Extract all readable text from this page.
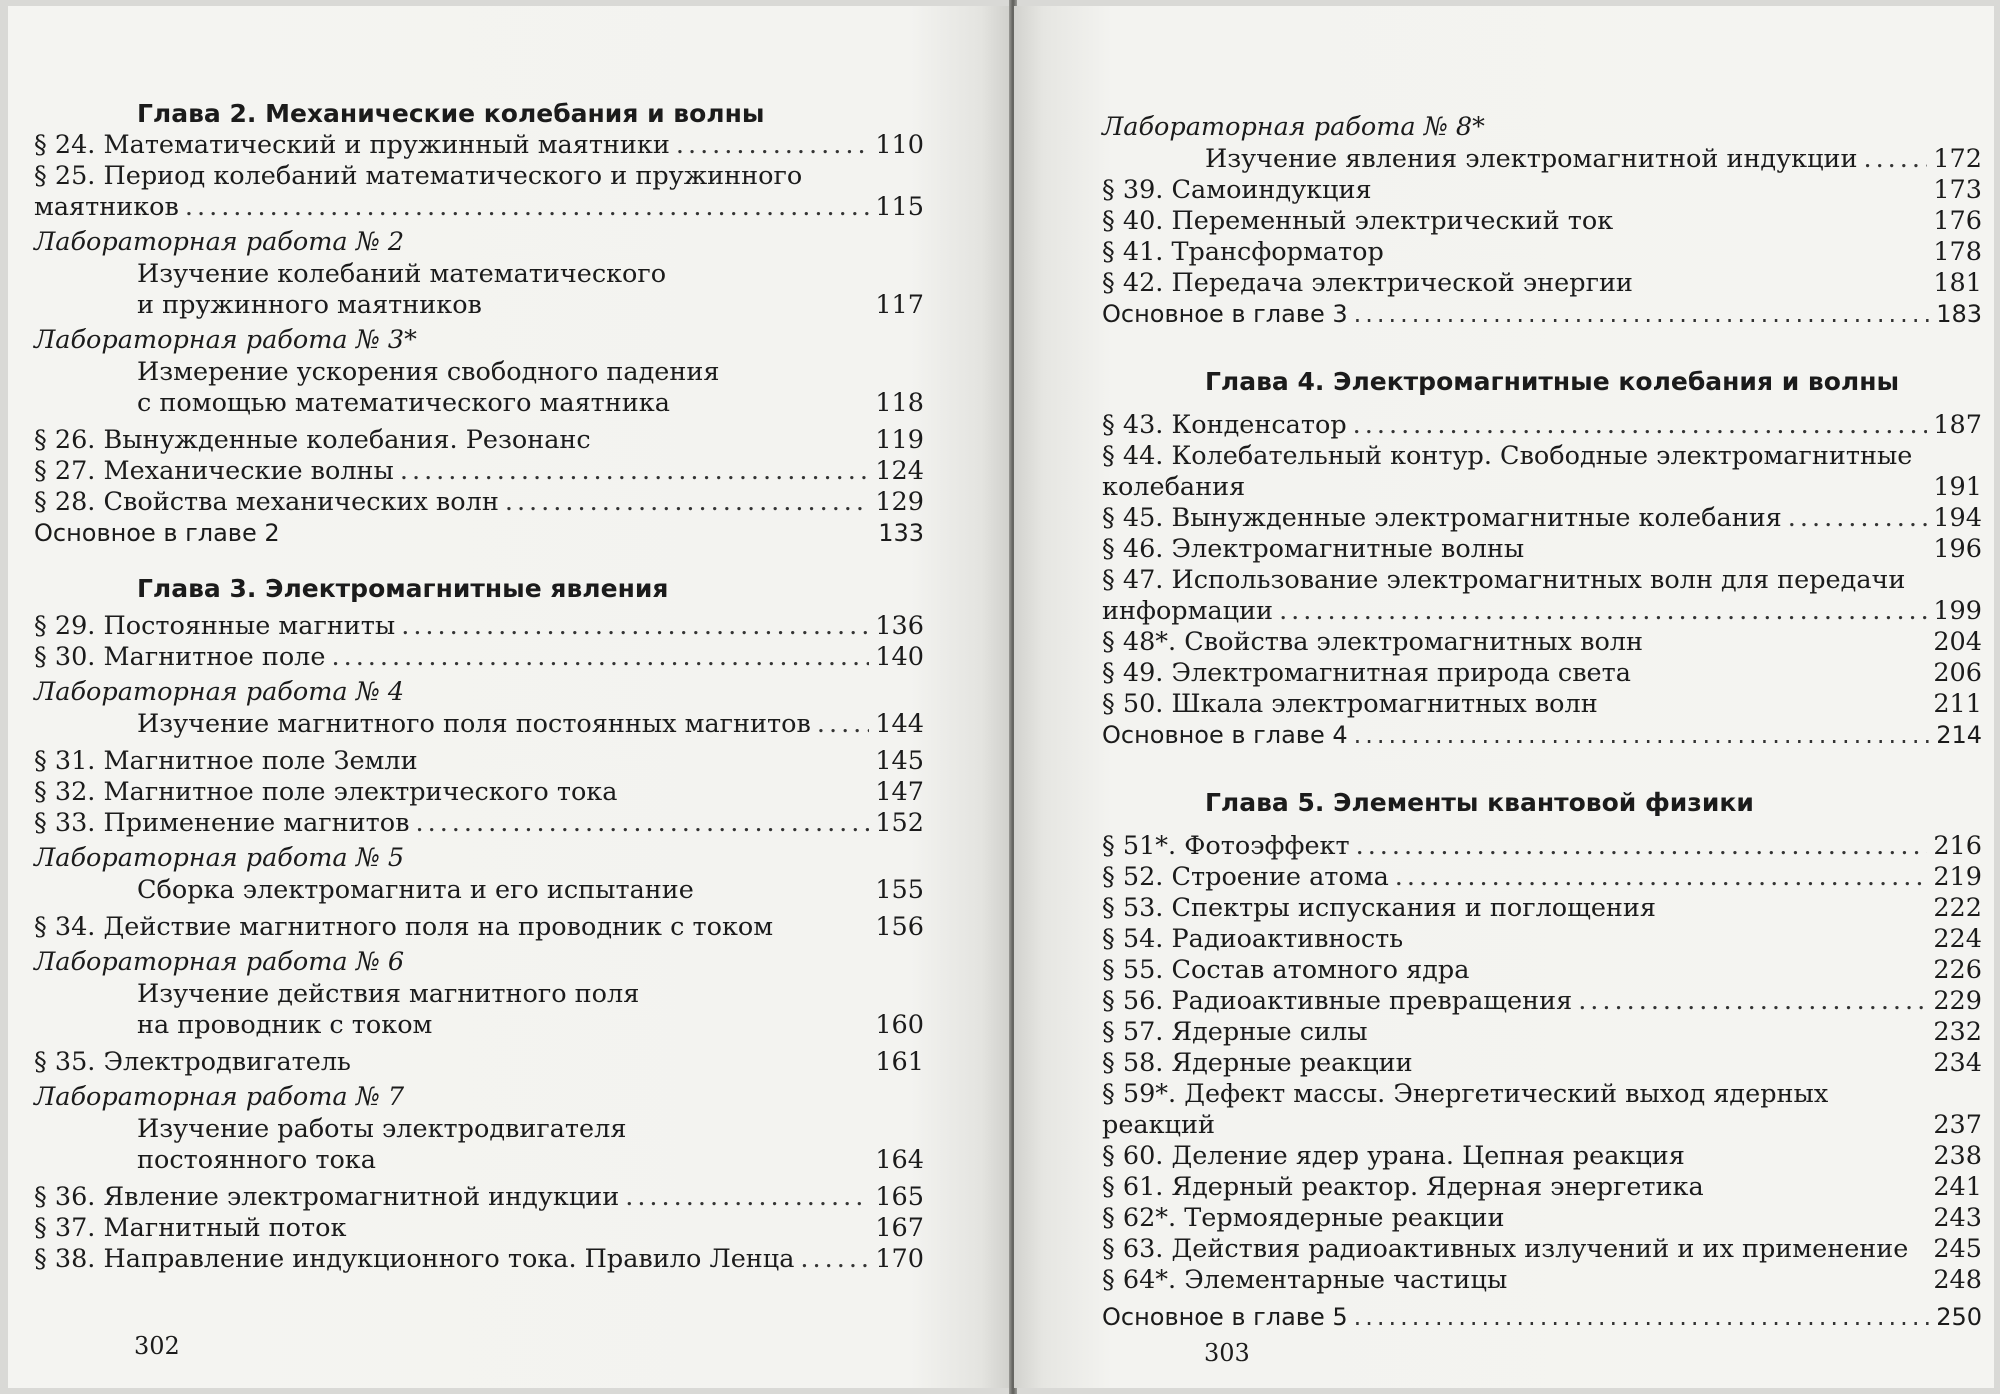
Глава 2. Механические колебания и волны
§ 24. Математический и пружинный маятники .....	110
§ 25. Период колебаний математического и пружинного
маятников .....	115
Лабораторная работа № 2
Изучение колебаний математического
и пружинного маятников	117
Лабораторная работа № 3*
Измерение ускорения свободного падения
с помощью математического маятника	118
§ 26. Вынужденные колебания. Резонанс	119
§ 27. Механические волны .....	124
§ 28. Свойства механических волн .....	129
Основное в главе 2	133
Глава 3. Электромагнитные явления
§ 29. Постоянные магниты .....	136
§ 30. Магнитное поле .....	140
Лабораторная работа № 4
Изучение магнитного поля постоянных магнитов .....	144
§ 31. Магнитное поле Земли	145
§ 32. Магнитное поле электрического тока	147
§ 33. Применение магнитов .....	152
Лабораторная работа № 5
Сборка электромагнита и его испытание	155
§ 34. Действие магнитного поля на проводник с током	156
Лабораторная работа № 6
Изучение действия магнитного поля
на проводник с током	160
§ 35. Электродвигатель	161
Лабораторная работа № 7
Изучение работы электродвигателя
постоянного тока	164
§ 36. Явление электромагнитной индукции .....	165
§ 37. Магнитный поток	167
§ 38. Направление индукционного тока. Правило Ленца .....	170
302
Лабораторная работа № 8*
Изучение явления электромагнитной индукции .....	172
§ 39. Самоиндукция	173
§ 40. Переменный электрический ток	176
§ 41. Трансформатор	178
§ 42. Передача электрической энергии	181
Основное в главе 3 .....	183
Глава 4. Электромагнитные колебания и волны
§ 43. Конденсатор .....	187
§ 44. Колебательный контур. Свободные электромагнитные
колебания	191
§ 45. Вынужденные электромагнитные колебания .....	194
§ 46. Электромагнитные волны	196
§ 47. Использование электромагнитных волн для передачи
информации .....	199
§ 48*. Свойства электромагнитных волн	204
§ 49. Электромагнитная природа света	206
§ 50. Шкала электромагнитных волн	211
Основное в главе 4 .....	214
Глава 5. Элементы квантовой физики
§ 51*. Фотоэффект .....	216
§ 52. Строение атома .....	219
§ 53. Спектры испускания и поглощения	222
§ 54. Радиоактивность	224
§ 55. Состав атомного ядра	226
§ 56. Радиоактивные превращения .....	229
§ 57. Ядерные силы	232
§ 58. Ядерные реакции	234
§ 59*. Дефект массы. Энергетический выход ядерных
реакций	237
§ 60. Деление ядер урана. Цепная реакция	238
§ 61. Ядерный реактор. Ядерная энергетика	241
§ 62*. Термоядерные реакции	243
§ 63. Действия радиоактивных излучений и их применение 245
§ 64*. Элементарные частицы	248
Основное в главе 5 .....	250
303
